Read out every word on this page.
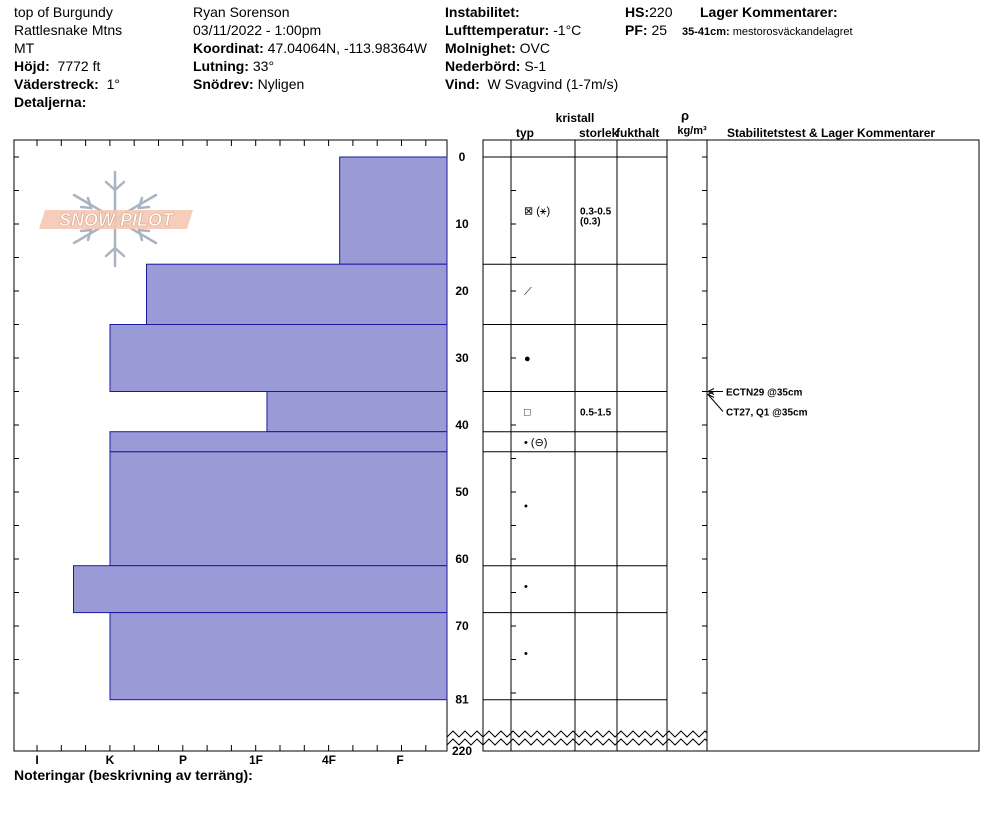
top of Burgundy
Rattlesnake Mtns
MT
Höjd: 7772 ft
Väderstreck: 1°
Detaljerna:
Ryan Sorenson
03/11/2022 - 1:00pm
Koordinat: 47.04064N, -113.98364W
Lutning: 33°
Snödrev: Nyligen
Instabilitet:
Lufttemperatur: -1°C
Molnighet: OVC
Nederbörd: S-1
Vind: W Svagvind (1-7m/s)
HS:220
PF: 25
Lager Kommentarer:
35-41cm: mestorosväckandelagret
Noteringar (beskrivning av terräng):
SNOW PILOT
I	K	P	1F	4F	F
0
10
20
30
40
50
60
70
81
220
⊠ (⚹)	0.3-0.5
(0.3)
⟋
●
□	0.5-1.5
• (⊖)
•
•
•
ECTN29 @35cm
CT27, Q1 @35cm
kristall
typ	storlek
fukthalt
ρ
kg/m³ Stabilitetstest & Lager Kommentarer
